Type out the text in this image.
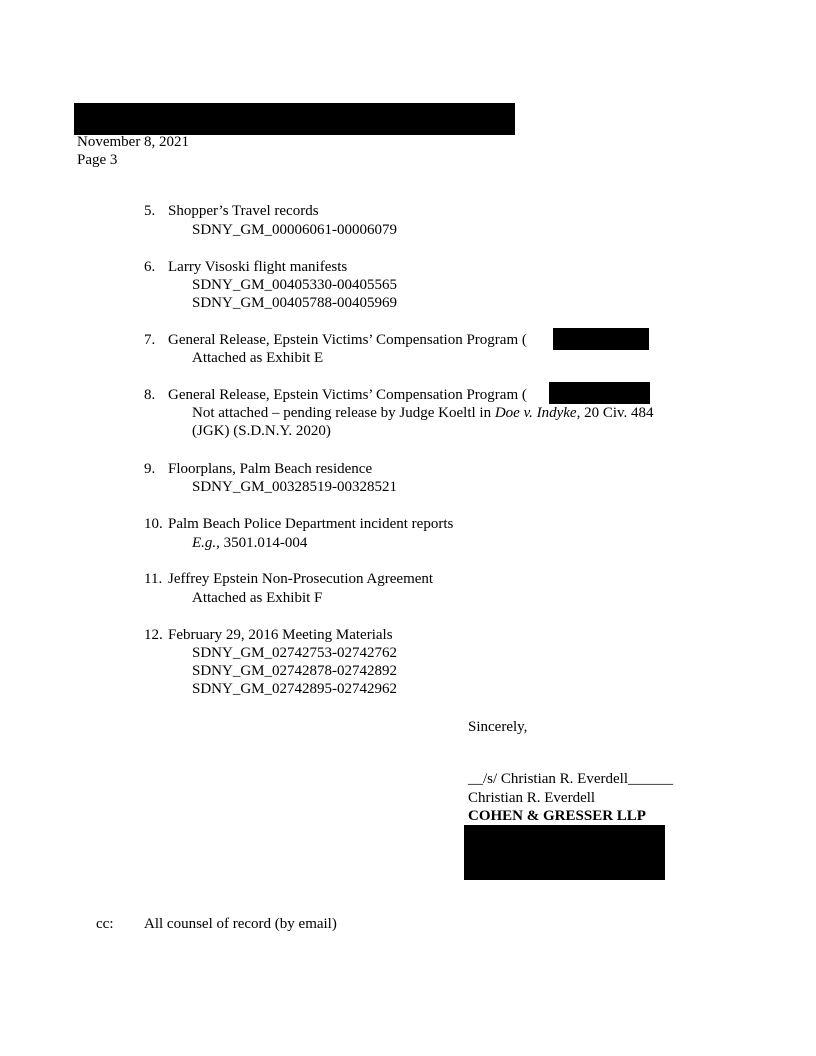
November 8, 2021
Page 3
5. Shopper’s Travel records
SDNY_GM_00006061-00006079
6. Larry Visoski flight manifests
SDNY_GM_00405330-00405565
SDNY_GM_00405788-00405969
7. General Release, Epstein Victims’ Compensation Program (
Attached as Exhibit E
8. General Release, Epstein Victims’ Compensation Program (
Not attached – pending release by Judge Koeltl in Doe v. Indyke, 20 Civ. 484
(JGK) (S.D.N.Y. 2020)
9. Floorplans, Palm Beach residence
SDNY_GM_00328519-00328521
10. Palm Beach Police Department incident reports
E.g., 3501.014-004
11. Jeffrey Epstein Non-Prosecution Agreement
Attached as Exhibit F
12. February 29, 2016 Meeting Materials
SDNY_GM_02742753-02742762
SDNY_GM_02742878-02742892
SDNY_GM_02742895-02742962
Sincerely,
__/s/ Christian R. Everdell______
Christian R. Everdell
COHEN & GRESSER LLP
cc: All counsel of record (by email)
